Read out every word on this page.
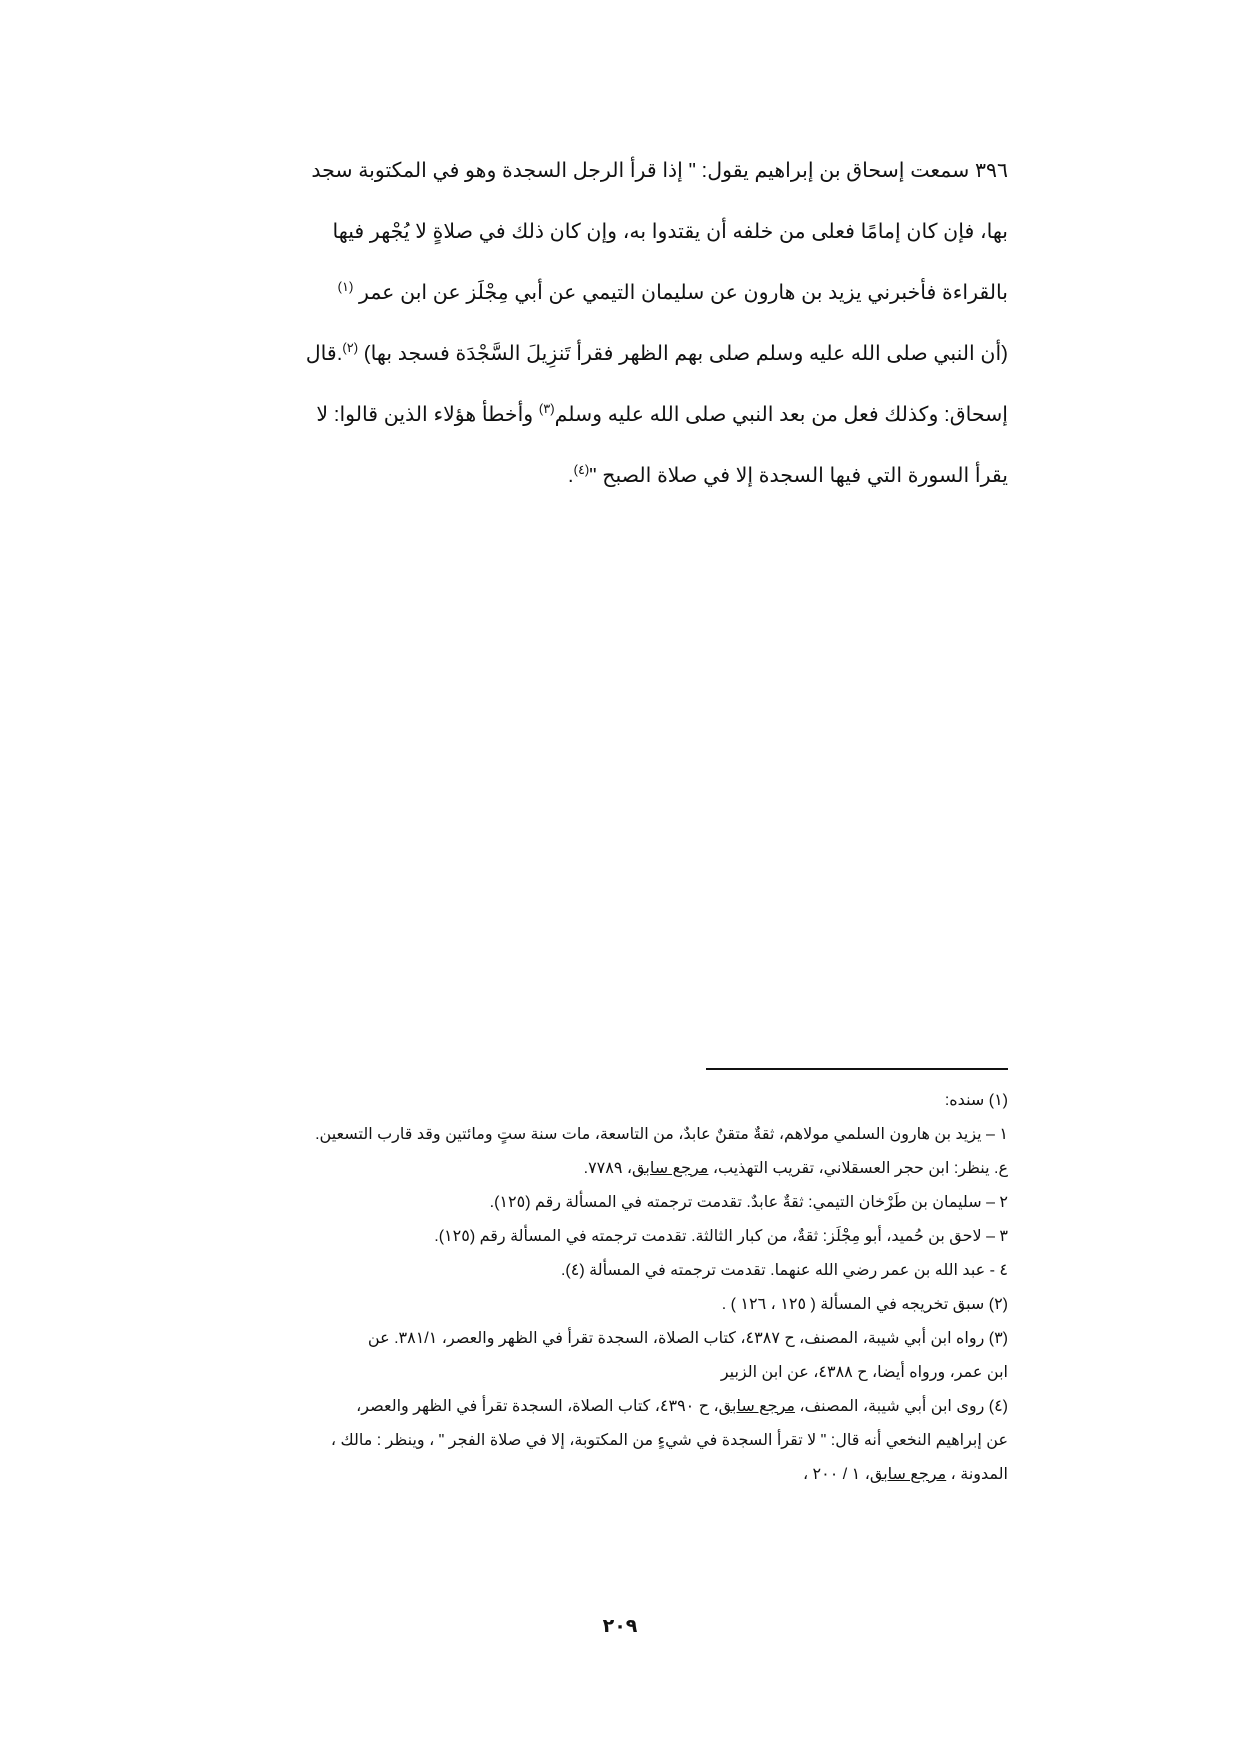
٣٩٦ سمعت إسحاق بن إبراهيم يقول: " إذا قرأ الرجل السجدة وهو في المكتوبة سجد

بها، فإن كان إمامًا فعلى من خلفه أن يقتدوا به، وإن كان ذلك في صلاةٍ لا يُجْهر فيها

بالقراءة فأخبرني يزيد بن هارون عن سليمان التيمي عن أبي مِجْلَز عن ابن عمر $^{(١)}$

(أن النبي صلى الله عليه وسلم صلى بهم الظهر فقرأ تَنزِيلَ السَّجْدَة فسجد بها) $^{(٢)}$.قال

إسحاق: وكذلك فعل من بعد النبي صلى الله عليه وسلم$^{(٣)}$ وأخطأ هؤلاء الذين قالوا: لا

يقرأ السورة التي فيها السجدة إلا في صلاة الصبح "$^{(٤)}$.

(١) سنده:

١ – يزيد بن هارون السلمي مولاهم، ثقةٌ متقنٌ عابدٌ، من التاسعة، مات سنة ستٍ ومائتين وقد قارب التسعين.

ع. ينظر: ابن حجر العسقلاني، تقريب التهذيب، مرجع سابق، ٧٧٨٩.

٢ – سليمان بن طَرْخان التيمي: ثقةٌ عابدٌ. تقدمت ترجمته في المسألة رقم (١٢٥).

٣ – لاحق بن حُميد، أبو مِجْلَز: ثقةٌ، من كبار الثالثة. تقدمت ترجمته في المسألة رقم (١٢٥).

٤ - عبد الله بن عمر رضي الله عنهما. تقدمت ترجمته في المسألة (٤).

(٢) سبق تخريجه في المسألة ( ١٢٥ ، ١٢٦ ) .

(٣) رواه ابن أبي شيبة، المصنف، ح ٤٣٨٧، كتاب الصلاة، السجدة تقرأ في الظهر والعصر، ٣٨١/١. عن

ابن عمر، ورواه أيضا، ح ٤٣٨٨، عن ابن الزبير

(٤) روى ابن أبي شيبة، المصنف، مرجع سابق، ح ٤٣٩٠، كتاب الصلاة، السجدة تقرأ في الظهر والعصر،

عن إبراهيم النخعي أنه قال: " لا تقرأ السجدة في شيءٍ من المكتوبة، إلا في صلاة الفجر " ، وينظر : مالك ،

المدونة ، مرجع سابق، ١ / ٢٠٠ ،

٢٠٩
